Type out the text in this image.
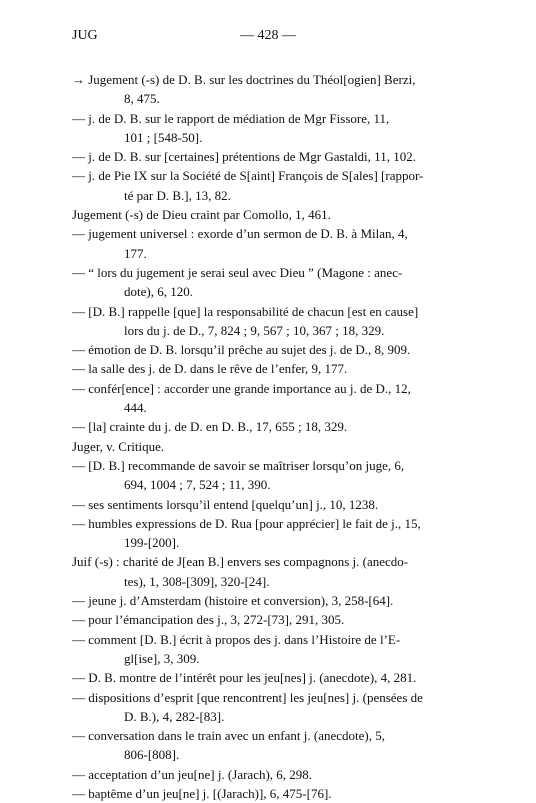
JUG	— 428 —
→ Jugement (-s) de D. B. sur les doctrines du Théol[ogien] Berzi,
8, 475.
— j. de D. B. sur le rapport de médiation de Mgr Fissore, 11,
101 ; [548-50].
— j. de D. B. sur [certaines] prétentions de Mgr Gastaldi, 11, 102.
— j. de Pie IX sur la Société de S[aint] François de S[ales] [rappor-
té par D. B.], 13, 82.
Jugement (-s) de Dieu craint par Comollo, 1, 461.
— jugement universel : exorde d’un sermon de D. B. à Milan, 4,
177.
— “ lors du jugement je serai seul avec Dieu ” (Magone : anec-
dote), 6, 120.
— [D. B.] rappelle [que] la responsabilité de chacun [est en cause]
lors du j. de D., 7, 824 ; 9, 567 ; 10, 367 ; 18, 329.
— émotion de D. B. lorsqu’il prêche au sujet des j. de D., 8, 909.
— la salle des j. de D. dans le rêve de l’enfer, 9, 177.
— confér[ence] : accorder une grande importance au j. de D., 12,
444.
— [la] crainte du j. de D. en D. B., 17, 655 ; 18, 329.
Juger, v. Critique.
— [D. B.] recommande de savoir se maîtriser lorsqu’on juge, 6,
694, 1004 ; 7, 524 ; 11, 390.
— ses sentiments lorsqu’il entend [quelqu’un] j., 10, 1238.
— humbles expressions de D. Rua [pour apprécier] le fait de j., 15,
199-[200].
Juif (-s) : charité de J[ean B.] envers ses compagnons j. (anecdo-
tes), 1, 308-[309], 320-[24].
— jeune j. d’Amsterdam (histoire et conversion), 3, 258-[64].
— pour l’émancipation des j., 3, 272-[73], 291, 305.
— comment [D. B.] écrit à propos des j. dans l’Histoire de l’E-
gl[ise], 3, 309.
— D. B. montre de l’intérêt pour les jeu[nes] j. (anecdote), 4, 281.
— dispositions d’esprit [que rencontrent] les jeu[nes] j. (pensées de
D. B.), 4, 282-[83].
— conversation dans le train avec un enfant j. (anecdote), 5,
806-[808].
— acceptation d’un jeu[ne] j. (Jarach), 6, 298.
— baptême d’un jeu[ne] j. [(Jarach)], 6, 475-[76].
